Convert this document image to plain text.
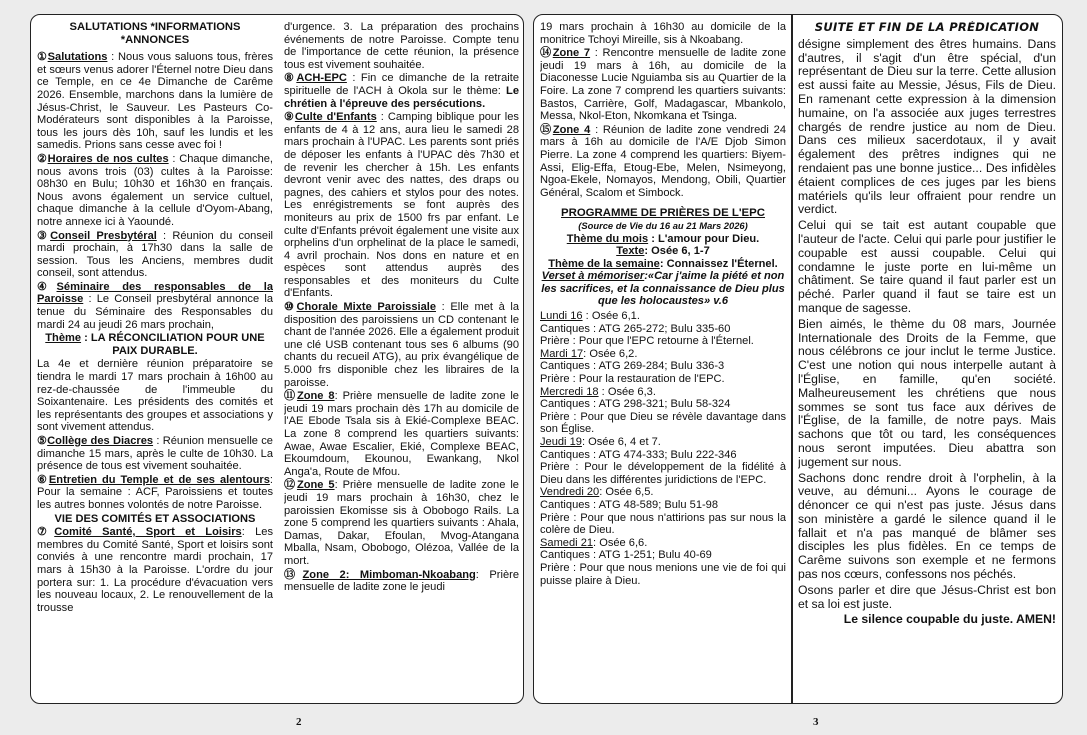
SALUTATIONS *INFORMATIONS *ANNONCES

①Salutations : Nous vous saluons tous, frères et sœurs venus adorer l'Éternel notre Dieu dans ce Temple, en ce 4e Dimanche de Carême 2026. Ensemble, marchons dans la lumière de Jésus-Christ, le Sauveur. Les Pasteurs Co-Modérateurs sont disponibles à la Paroisse, tous les jours dès 10h, sauf les lundis et les samedis. Prions sans cesse avec foi !

②Horaires de nos cultes : Chaque dimanche, nous avons trois (03) cultes à la Paroisse: 08h30 en Bulu; 10h30 et 16h30 en français. Nous avons également un service cultuel, chaque dimanche à la cellule d'Oyom-Abang, notre annexe ici à Yaoundé.

③Conseil Presbytéral : Réunion du conseil mardi prochain, à 17h30 dans la salle de session. Tous les Anciens, membres dudit conseil, sont attendus.

④Séminaire des responsables de la Paroisse : Le Conseil presbytéral annonce la tenue du Séminaire des Responsables du mardi 24 au jeudi 26 mars prochain,

Thème : LA RÉCONCILIATION POUR UNE PAIX DURABLE.

La 4e et dernière réunion préparatoire se tiendra le mardi 17 mars prochain à 16h00 au rez-de-chaussée de l'immeuble du Soixantenaire. Les présidents des comités et les représentants des groupes et associations y sont vivement attendus.

⑤Collège des Diacres : Réunion mensuelle ce dimanche 15 mars, après le culte de 10h30. La présence de tous est vivement souhaitée.

⑥Entretien du Temple et de ses alentours: Pour la semaine : ACF, Paroissiens et toutes les autres bonnes volontés de notre Paroisse.

VIE DES COMITÉS ET ASSOCIATIONS

⑦Comité Santé, Sport et Loisirs: Les membres du Comité Santé, Sport et loisirs sont conviés à une rencontre mardi prochain, 17 mars à 15h30 à la Paroisse. L'ordre du jour portera sur: 1. La procédure d'évacuation vers les nouveau locaux, 2. Le renouvellement de la trousse

d'urgence. 3. La préparation des prochains événements de notre Paroisse. Compte tenu de l'importance de cette réunion, la présence tous est vivement souhaitée.

⑧ACH-EPC : Fin ce dimanche de la retraite spirituelle de l'ACH à Okola sur le thème: Le chrétien à l'épreuve des persécutions.

⑨Culte d'Enfants : Camping biblique pour les enfants de 4 à 12 ans, aura lieu le samedi 28 mars prochain à l'UPAC. Les parents sont priés de déposer les enfants à l'UPAC dès 7h30 et de revenir les chercher à 15h. Les enfants devront venir avec des nattes, des draps ou pagnes, des cahiers et stylos pour des notes. Les enrégistrements se font auprès des moniteurs au prix de 1500 frs par enfant. Le culte d'Enfants prévoit également une visite aux orphelins d'un orphelinat de la place le samedi, 4 avril prochain. Nos dons en nature et en espèces sont attendus auprès des responsables et des moniteurs du Culte d'Enfants.

⑩Chorale Mixte Paroissiale : Elle met à la disposition des paroissiens un CD contenant le chant de l'année 2026. Elle a également produit une clé USB contenant tous ses 6 albums (90 chants du recueil ATG), au prix évangélique de 5.000 frs disponible chez les libraires de la paroisse.

⑪Zone 8: Prière mensuelle de ladite zone le jeudi 19 mars prochain dès 17h au domicile de l'AE Ebode Tsala sis à Ekié-Complexe BEAC. La zone 8 comprend les quartiers suivants: Awae, Awae Escalier, Ekié, Complexe BEAC, Ekoumdoum, Ekounou, Ewankang, Nkol Anga'a, Route de Mfou.

⑫Zone 5: Prière mensuelle de ladite zone le jeudi 19 mars prochain à 16h30, chez le paroissien Ekomisse sis à Obobogo Rails. La zone 5 comprend les quartiers suivants : Ahala, Damas, Dakar, Efoulan, Mvog-Atangana Mballa, Nsam, Obobogo, Olézoa, Vallée de la mort.

⑬Zone 2: Mimboman-Nkoabang: Prière mensuelle de ladite zone le jeudi

19 mars prochain à 16h30 au domicile de la monitrice Tchoyi Mireille, sis à Nkoabang.

⑭Zone 7 : Rencontre mensuelle de ladite zone jeudi 19 mars à 16h, au domicile de la Diaconesse Lucie Nguiamba sis au Quartier de la Foire. La zone 7 comprend les quartiers suivants: Bastos, Carrière, Golf, Madagascar, Mbankolo, Messa, Nkol-Eton, Nkomkana et Tsinga.

⑮Zone 4 : Réunion de ladite zone vendredi 24 mars à 16h au domicile de l'A/E Djob Simon Pierre. La zone 4 comprend les quartiers: Biyem-Assi, Elig-Effa, Etoug-Ebe, Melen, Nsimeyong, Ngoa-Ekele, Nomayos, Mendong, Obili, Quartier Général, Scalom et Simbock.

PROGRAMME DE PRIÈRES DE L'EPC
(Source de Vie du 16 au 21 Mars 2026)
Thème du mois : L'amour pour Dieu.
Texte: Osée 6, 1-7
Thème de la semaine: Connaissez l'Éternel.
Verset à mémoriser:«Car j'aime la piété et non les sacrifices, et la connaissance de Dieu plus que les holocaustes» v.6
Lundi 16 : Osée 6,1.
Cantiques : ATG 265-272; Bulu 335-60
Prière : Pour que l'EPC retourne à l'Éternel.
Mardi 17: Osée 6,2.
Cantiques : ATG 269-284; Bulu 336-3
Prière : Pour la restauration de l'EPC.
Mercredi 18 : Osée 6,3.
Cantiques : ATG 298-321; Bulu 58-324
Prière : Pour que Dieu se révèle davantage dans son Église.
Jeudi 19: Osée 6, 4 et 7.
Cantiques : ATG 474-333; Bulu 222-346
Prière : Pour le développement de la fidélité à Dieu dans les différentes juridictions de l'EPC.
Vendredi 20: Osée 6,5.
Cantiques : ATG 48-589; Bulu 51-98
Prière : Pour que nous n'attirions pas sur nous la colère de Dieu.
Samedi 21: Osée 6,6.
Cantiques : ATG 1-251; Bulu 40-69
Prière : Pour que nous menions une vie de foi qui puisse plaire à Dieu.
SUITE ET FIN DE LA PRÉDICATION

désigne simplement des êtres humains. Dans d'autres, il s'agit d'un être spécial, d'un représentant de Dieu sur la terre. Cette allusion est aussi faite au Messie, Jésus, Fils de Dieu. En ramenant cette expression à la dimension humaine, on l'a associée aux juges terrestres chargés de rendre justice au nom de Dieu. Dans ces milieux sacerdotaux, il y avait également des prêtres indignes qui ne rendaient pas une bonne justice... Des infidèles étaient complices de ces juges par les biens matériels qu'ils leur offraient pour rendre un verdict.

Celui qui se tait est autant coupable que l'auteur de l'acte. Celui qui parle pour justifier le coupable est aussi coupable. Celui qui condamne le juste porte en lui-même un châtiment. Se taire quand il faut parler est un péché. Parler quand il faut se taire est un manque de sagesse.

Bien aimés, le thème du 08 mars, Journée Internationale des Droits de la Femme, que nous célébrons ce jour inclut le terme Justice. C'est une notion qui nous interpelle autant à l'Église, en famille, qu'en société. Malheureusement les chrétiens que nous sommes se sont tus face aux dérives de l'Église, de la famille, de notre pays. Mais sachons que tôt ou tard, les conséquences nous seront imputées. Dieu abattra son jugement sur nous.

Sachons donc rendre droit à l'orphelin, à la veuve, au démuni... Ayons le courage de dénoncer ce qui n'est pas juste. Jésus dans son ministère a gardé le silence quand il le fallait et n'a pas manqué de blâmer ses disciples les plus fidèles. En ce temps de Carême suivons son exemple et ne fermons pas nos cœurs, confessons nos péchés.

Osons parler et dire que Jésus-Christ est bon et sa loi est juste.

Le silence coupable du juste. AMEN!

2	3
